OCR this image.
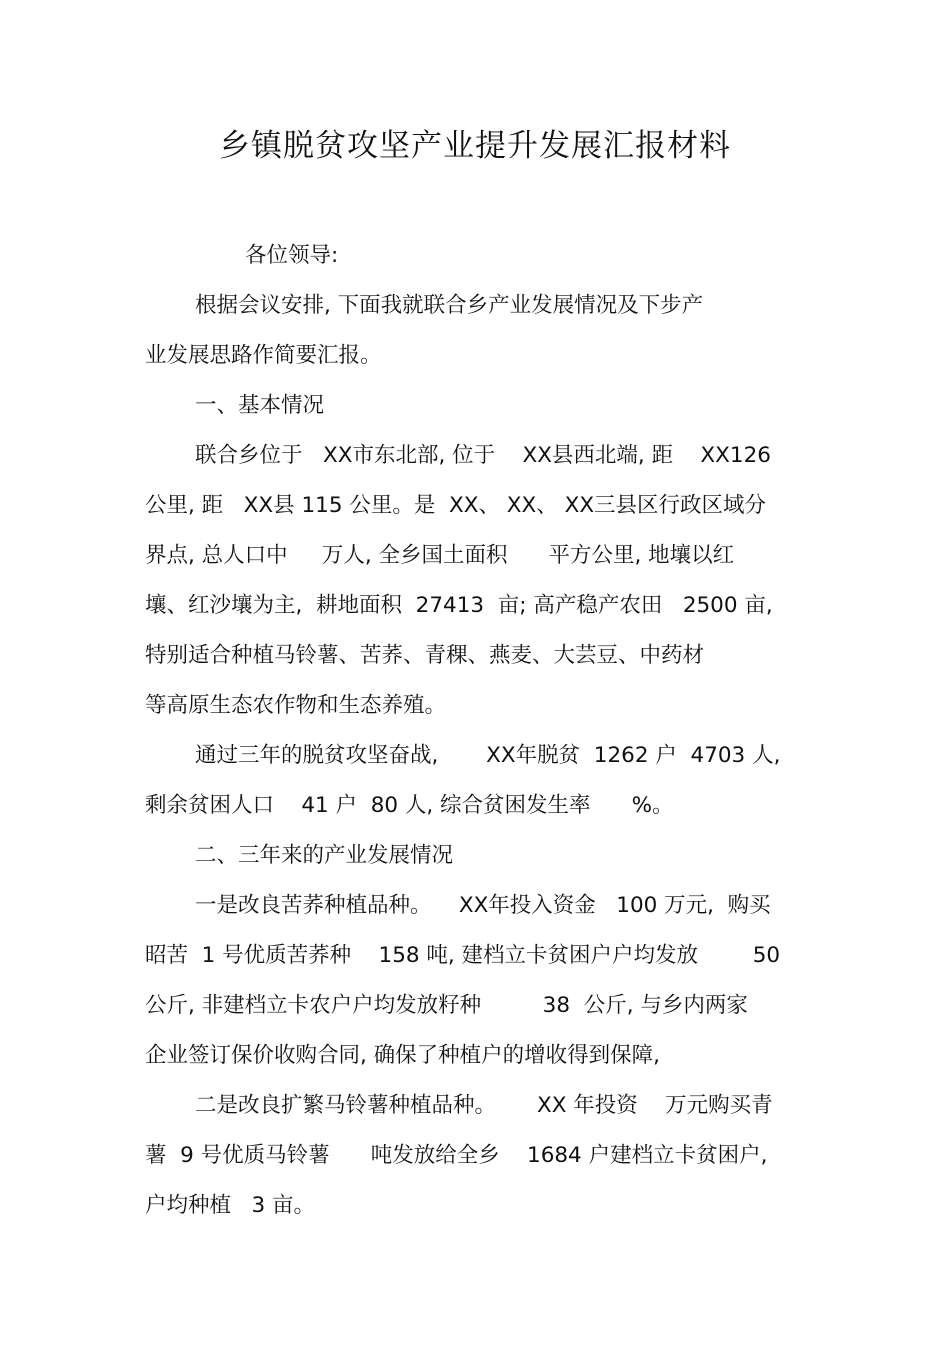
乡镇脱贫攻坚产业提升发展汇报材料
各位领导:
根据会议安排, 下面我就联合乡产业发展情况及下步产
业发展思路作简要汇报。
一、基本情况
联合乡位于   XX市东北部, 位于    XX县西北端, 距    XX126
公里, 距   XX县 115 公里。是  XX、 XX、 XX三县区行政区域分
界点, 总人口中     万人, 全乡国土面积      平方公里, 地壤以红
壤、红沙壤为主,  耕地面积  27413  亩; 高产稳产农田   2500 亩,
特别适合种植马铃薯、苦荞、青稞、燕麦、大芸豆、中药材
等高原生态农作物和生态养殖。
通过三年的脱贫攻坚奋战,       XX年脱贫  1262 户  4703 人,
剩余贫困人口    41 户  80 人, 综合贫困发生率      %。
二、三年来的产业发展情况
一是改良苦荞种植品种。    XX年投入资金   100 万元,  购买
昭苦  1 号优质苦荞种    158 吨, 建档立卡贫困户户均发放        50
公斤, 非建档立卡农户户均发放籽种         38  公斤, 与乡内两家
企业签订保价收购合同, 确保了种植户的增收得到保障,
二是改良扩繁马铃薯种植品种。      XX 年投资    万元购买青
薯  9 号优质马铃薯      吨发放给全乡    1684 户建档立卡贫困户,
户均种植   3 亩。
